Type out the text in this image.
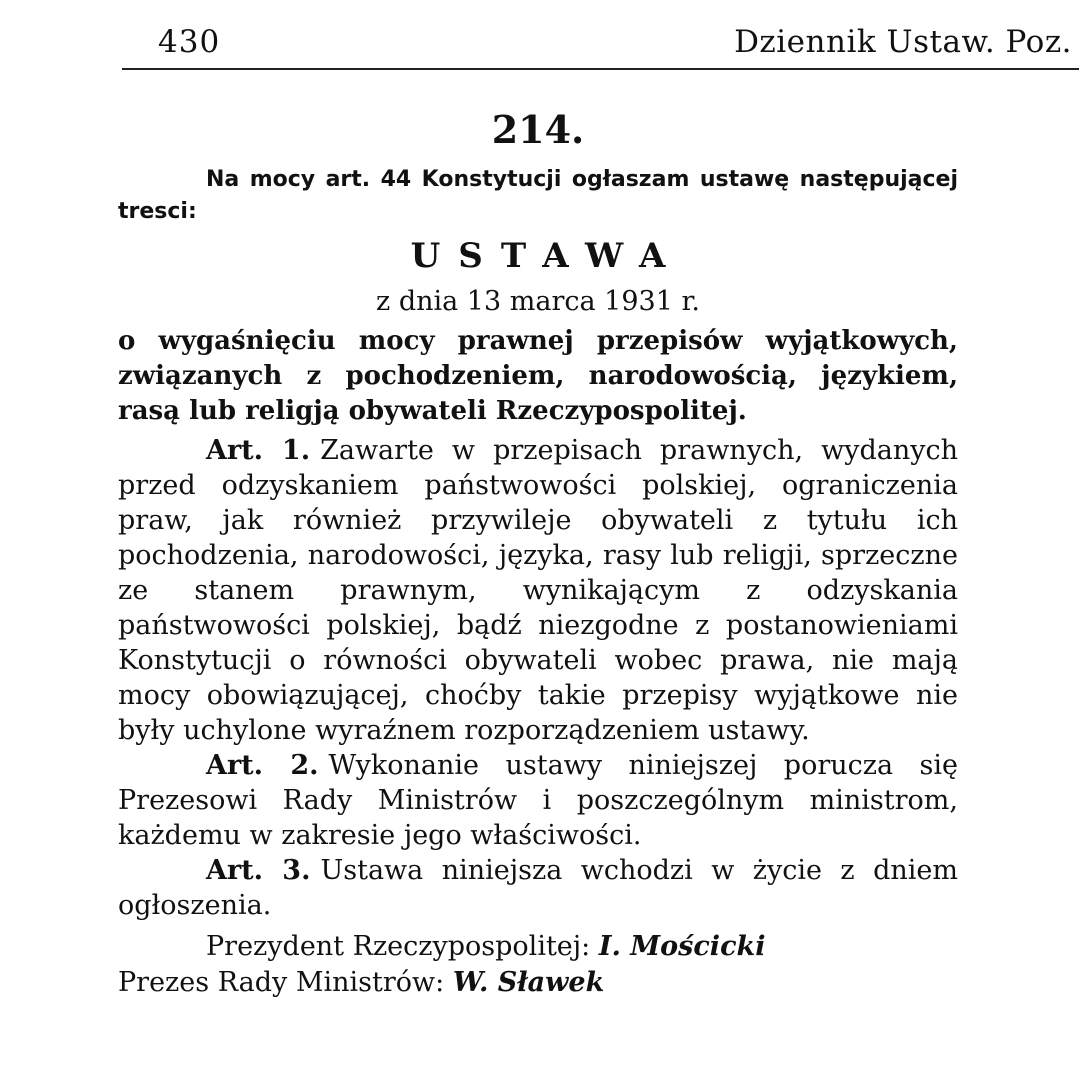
430	Dziennik Ustaw. Poz.
214.

Na mocy art. 44 Konstytucji ogłaszam ustawę następującej tresci:

USTAWA
z dnia 13 marca 1931 r.

o wygaśnięciu mocy prawnej przepisów wyjątkowych, związanych z pochodzeniem, narodowością, językiem, rasą lub religją obywateli Rzeczypospolitej.

Art. 1. Zawarte w przepisach prawnych, wydanych przed odzyskaniem państwowości polskiej, ograniczenia praw, jak również przywileje obywateli z tytułu ich pochodzenia, narodowości, języka, rasy lub religji, sprzeczne ze stanem prawnym, wynikającym z odzyskania państwowości polskiej, bądź niezgodne z postanowieniami Konstytucji o równości obywateli wobec prawa, nie mają mocy obowiązującej, choćby takie przepisy wyjątkowe nie były uchylone wyraźnem rozporządzeniem ustawy.

Art. 2. Wykonanie ustawy niniejszej porucza się Prezesowi Rady Ministrów i poszczególnym ministrom, każdemu w zakresie jego właściwości.

Art. 3. Ustawa niniejsza wchodzi w życie z dniem ogłoszenia.

Prezydent Rzeczypospolitej: I. Mościcki
Prezes Rady Ministrów: W. Sławek
